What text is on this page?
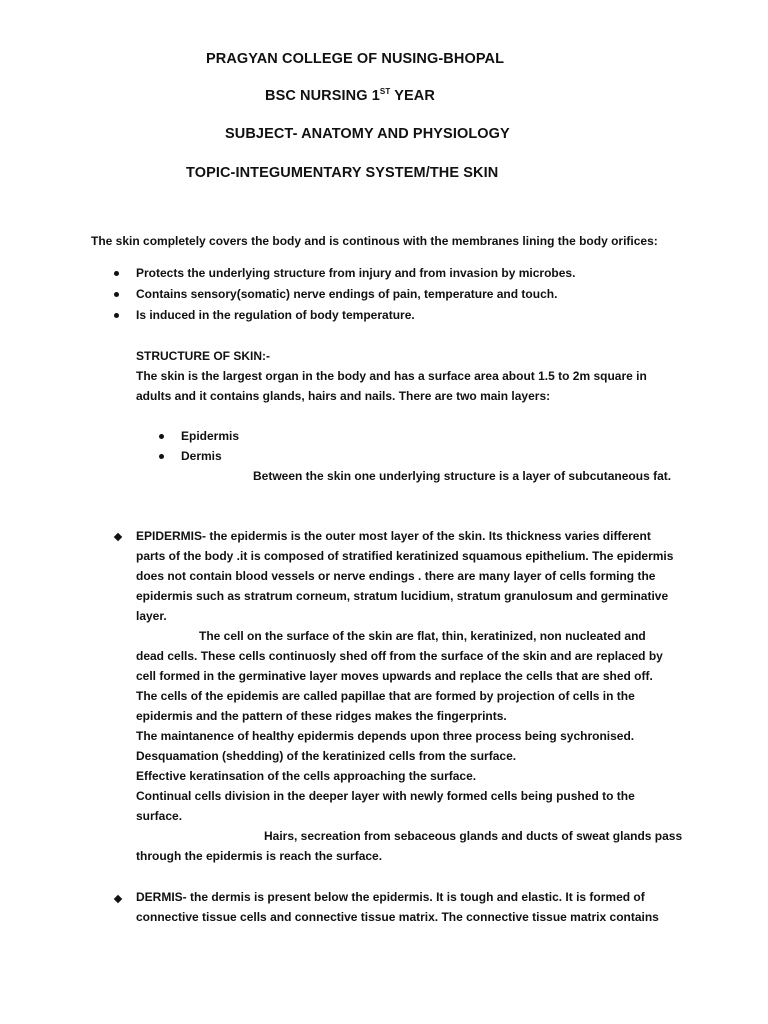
PRAGYAN COLLEGE OF NUSING-BHOPAL
BSC NURSING 1ST YEAR
SUBJECT- ANATOMY AND PHYSIOLOGY
TOPIC-INTEGUMENTARY SYSTEM/THE SKIN
The skin completely covers the body and is continous with the membranes lining the body orifices:
Protects the underlying structure from injury and from invasion by microbes.
Contains sensory(somatic) nerve endings of pain, temperature and touch.
Is induced in the regulation of body temperature.
STRUCTURE OF SKIN:-
The skin is the largest organ in the body and has a surface area about 1.5 to 2m square in
adults and it contains glands, hairs and nails. There are two main layers:
Epidermis
Dermis
Between the skin one underlying structure is a layer of subcutaneous fat.
EPIDERMIS- the epidermis is the outer most layer of the skin. Its thickness varies different
parts of the body .it is composed of stratified keratinized squamous epithelium. The epidermis
does not contain blood vessels or nerve endings . there are many layer of cells forming the
epidermis such as stratrum corneum, stratum lucidium, stratum granulosum and germinative
layer.
The cell on the surface of the skin are flat, thin, keratinized, non nucleated and
dead cells. These cells continuosly shed off from the surface of the skin and are replaced by
cell formed in the germinative layer moves upwards and replace the cells that are shed off.
The cells of the epidemis are called papillae that are formed by projection of cells in the
epidermis and the pattern of these ridges makes the fingerprints.
The maintanence of healthy epidermis depends upon three process being sychronised.
Desquamation (shedding) of the keratinized cells from the surface.
Effective keratinsation of the cells approaching the surface.
Continual cells division in the deeper layer with newly formed cells being pushed to the
surface.
Hairs, secreation from sebaceous glands and ducts of sweat glands pass
through the epidermis is reach the surface.
DERMIS- the dermis is present below the epidermis. It is tough and elastic. It is formed of
connective tissue cells and connective tissue matrix. The connective tissue matrix contains
